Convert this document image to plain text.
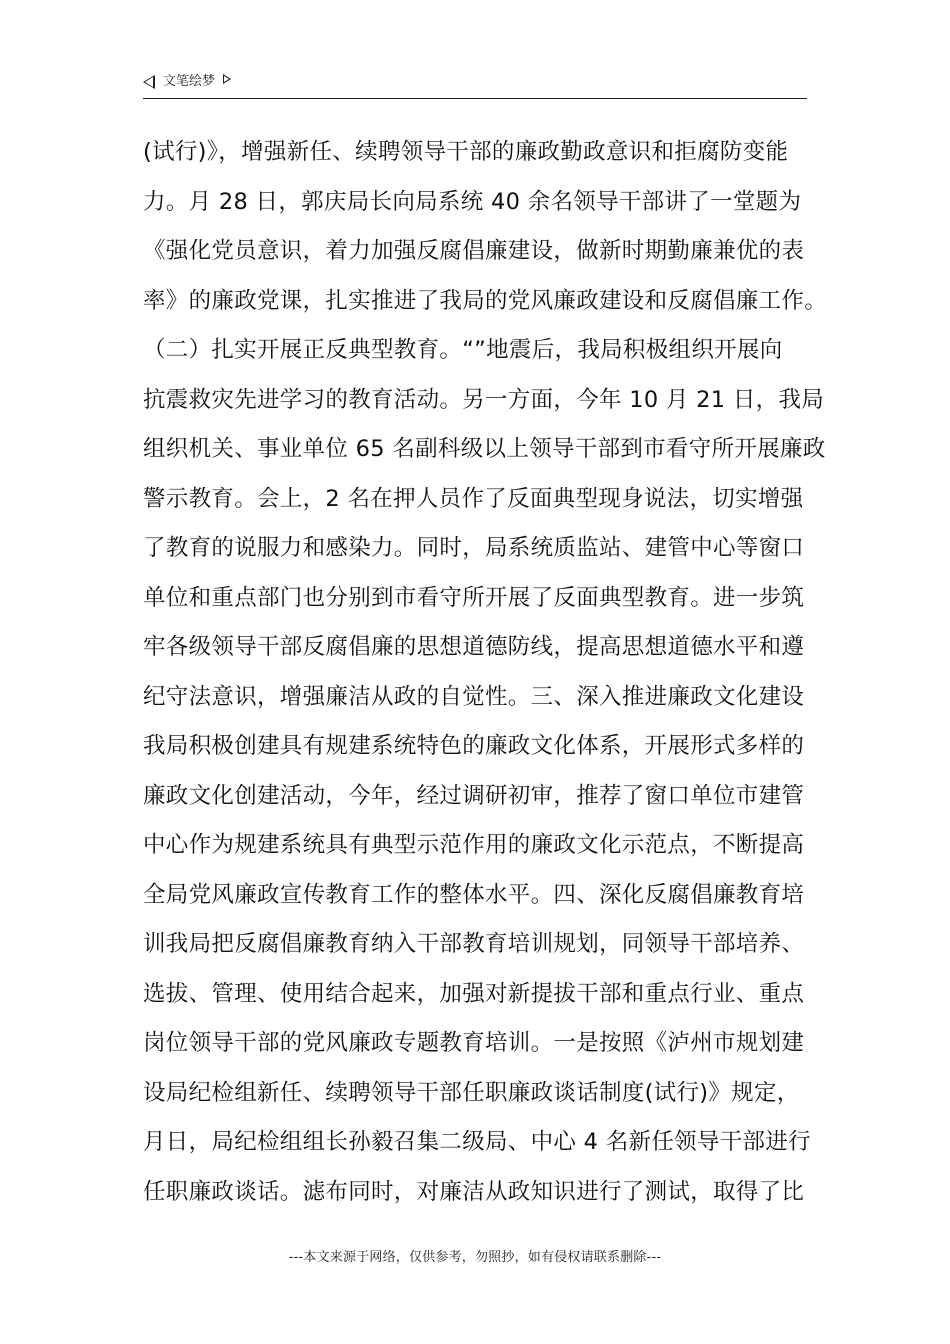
文笔绘梦
(试行)》，增强新任、续聘领导干部的廉政勤政意识和拒腐防变能
力。月 28 日，郭庆局长向局系统 40 余名领导干部讲了一堂题为
《强化党员意识，着力加强反腐倡廉建设，做新时期勤廉兼优的表
率》的廉政党课，扎实推进了我局的党风廉政建设和反腐倡廉工作。
（二）扎实开展正反典型教育。“”地震后，我局积极组织开展向
抗震救灾先进学习的教育活动。另一方面，今年 10 月 21 日，我局
组织机关、事业单位 65 名副科级以上领导干部到市看守所开展廉政
警示教育。会上，2 名在押人员作了反面典型现身说法，切实增强
了教育的说服力和感染力。同时，局系统质监站、建管中心等窗口
单位和重点部门也分别到市看守所开展了反面典型教育。进一步筑
牢各级领导干部反腐倡廉的思想道德防线，提高思想道德水平和遵
纪守法意识，增强廉洁从政的自觉性。三、深入推进廉政文化建设
我局积极创建具有规建系统特色的廉政文化体系，开展形式多样的
廉政文化创建活动，今年，经过调研初审，推荐了窗口单位市建管
中心作为规建系统具有典型示范作用的廉政文化示范点，不断提高
全局党风廉政宣传教育工作的整体水平。四、深化反腐倡廉教育培
训我局把反腐倡廉教育纳入干部教育培训规划，同领导干部培养、
选拔、管理、使用结合起来，加强对新提拔干部和重点行业、重点
岗位领导干部的党风廉政专题教育培训。一是按照《泸州市规划建
设局纪检组新任、续聘领导干部任职廉政谈话制度(试行)》规定，
月日，局纪检组组长孙毅召集二级局、中心 4 名新任领导干部进行
任职廉政谈话。滤布同时，对廉洁从政知识进行了测试，取得了比
---本文来源于网络，仅供参考，勿照抄，如有侵权请联系删除---
